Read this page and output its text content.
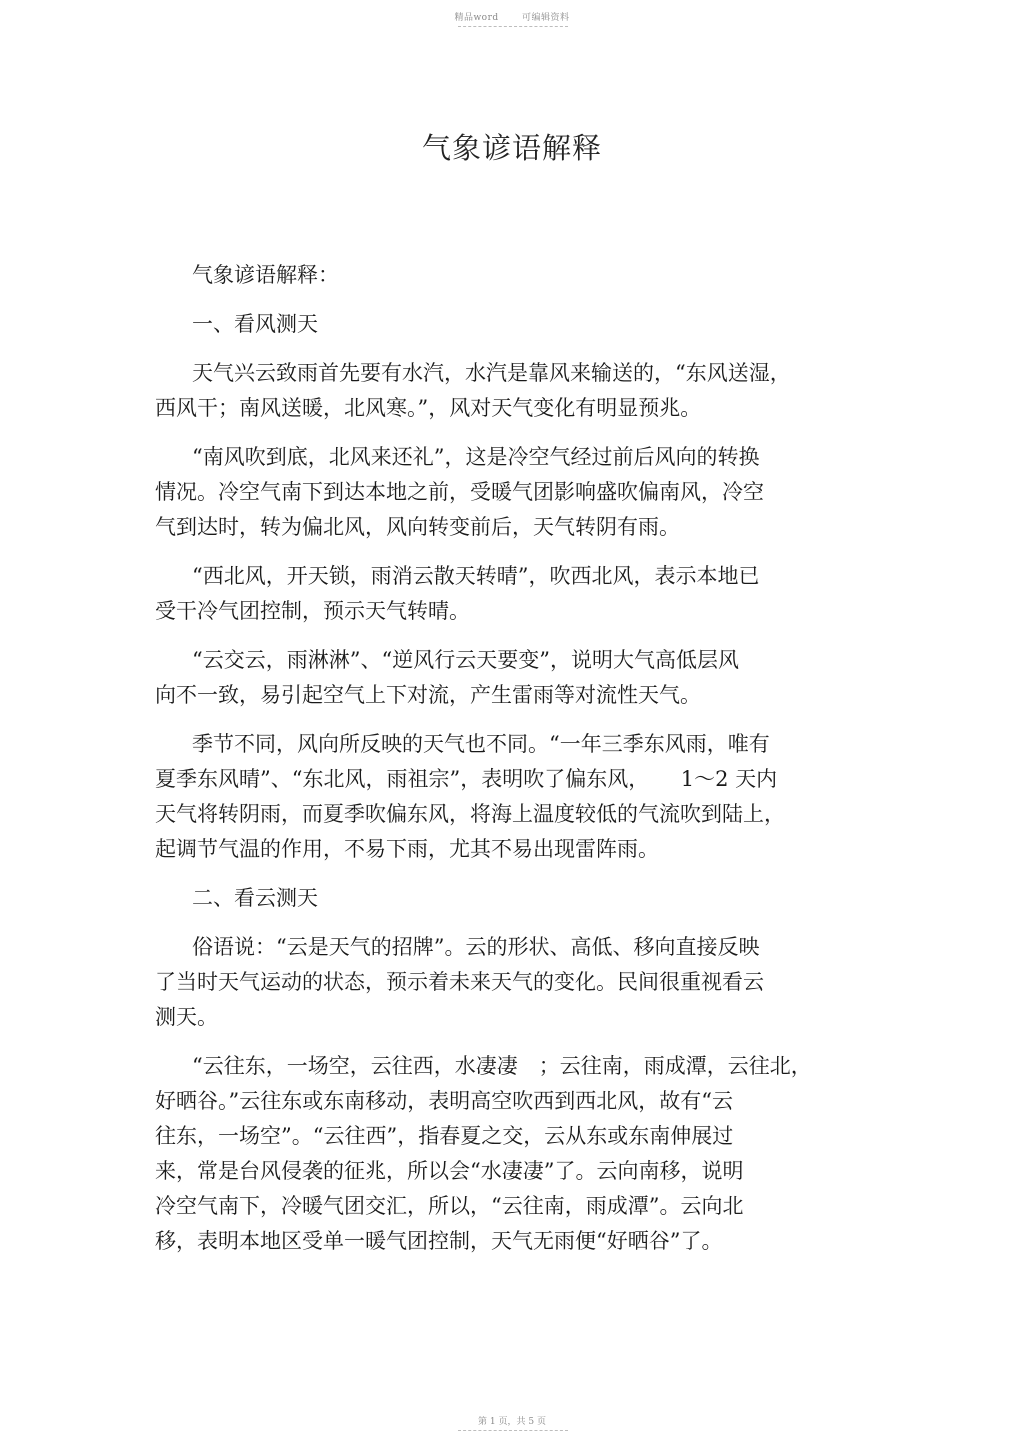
精品word	可编辑资料
气象谚语解释

气象谚语解释：

一、看风测天

天气兴云致雨首先要有水汽，水汽是靠风来输送的，“东风送湿，
西风干；南风送暖，北风寒。”，风对天气变化有明显预兆。
“南风吹到底，北风来还礼”，这是冷空气经过前后风向的转换
情况。冷空气南下到达本地之前，受暖气团影响盛吹偏南风，冷空
气到达时，转为偏北风，风向转变前后，天气转阴有雨。
“西北风，开天锁，雨消云散天转晴”，吹西北风，表示本地已
受干冷气团控制，预示天气转晴。
“云交云，雨淋淋”、“逆风行云天要变”，说明大气高低层风
向不一致，易引起空气上下对流，产生雷雨等对流性天气。
季节不同，风向所反映的天气也不同。“一年三季东风雨，唯有
夏季东风晴”、“东北风，雨祖宗”，表明吹了偏东风，　　1～2 天内
天气将转阴雨，而夏季吹偏东风，将海上温度较低的气流吹到陆上，
起调节气温的作用，不易下雨，尤其不易出现雷阵雨。

二、看云测天

俗语说：“云是天气的招牌”。云的形状、高低、移向直接反映
了当时天气运动的状态，预示着未来天气的变化。民间很重视看云
测天。
“云往东，一场空，云往西，水凄凄　；云往南，雨成潭，云往北，
好晒谷。”云往东或东南移动，表明高空吹西到西北风，故有“云
往东，一场空”。“云往西”，指春夏之交，云从东或东南伸展过
来，常是台风侵袭的征兆，所以会“水凄凄”了。云向南移，说明
冷空气南下，冷暖气团交汇，所以，“云往南，雨成潭”。云向北
移，表明本地区受单一暖气团控制，天气无雨便“好晒谷”了。
第 1 页，共 5 页
